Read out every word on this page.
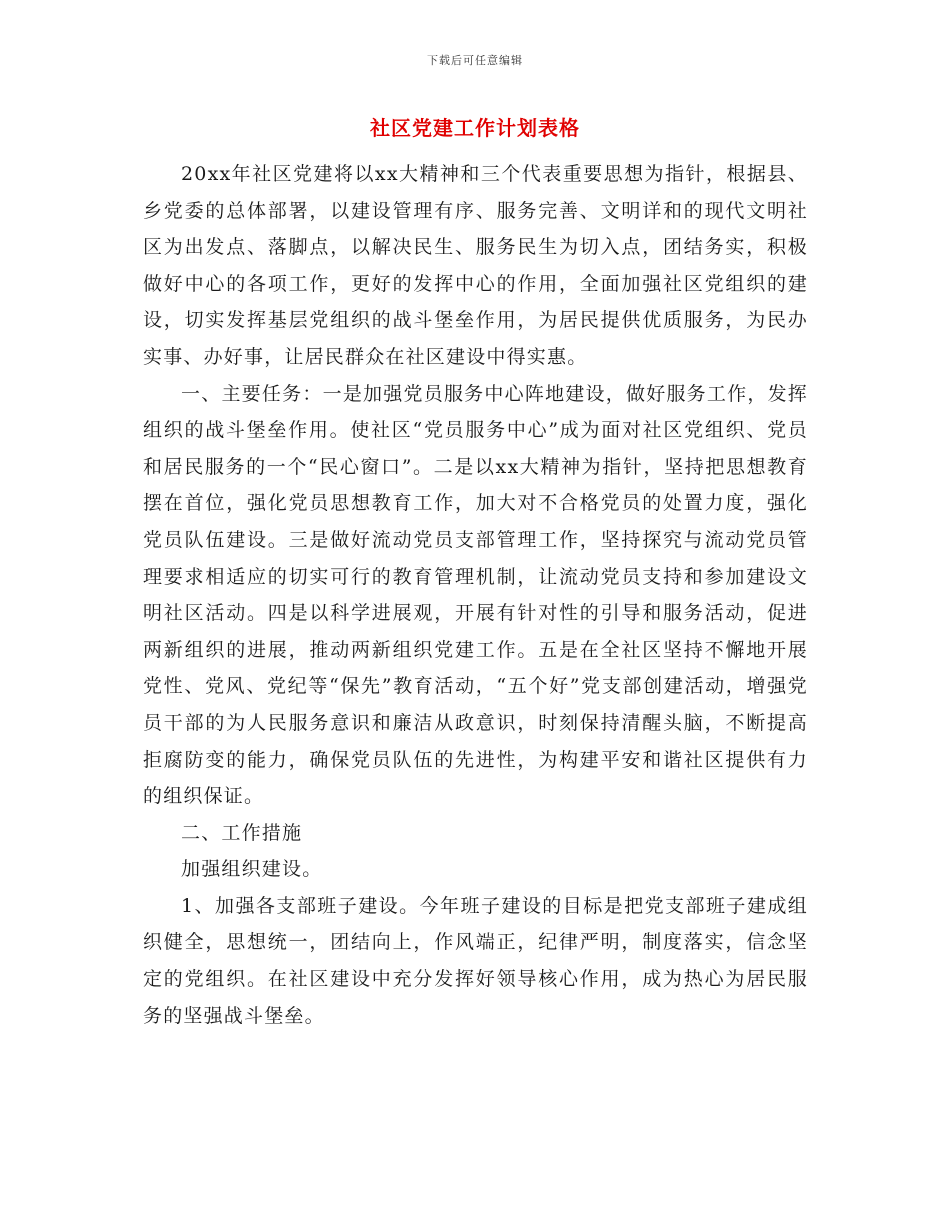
下载后可任意编辑
社区党建工作计划表格

20xx年社区党建将以xx大精神和三个代表重要思想为指针，根据县、乡党委的总体部署，以建设管理有序、服务完善、文明详和的现代文明社区为出发点、落脚点，以解决民生、服务民生为切入点，团结务实，积极做好中心的各项工作，更好的发挥中心的作用，全面加强社区党组织的建设，切实发挥基层党组织的战斗堡垒作用，为居民提供优质服务，为民办实事、办好事，让居民群众在社区建设中得实惠。

一、主要任务：一是加强党员服务中心阵地建设，做好服务工作，发挥组织的战斗堡垒作用。使社区“党员服务中心”成为面对社区党组织、党员和居民服务的一个“民心窗口”。二是以xx大精神为指针，坚持把思想教育摆在首位，强化党员思想教育工作，加大对不合格党员的处置力度，强化党员队伍建设。三是做好流动党员支部管理工作，坚持探究与流动党员管理要求相适应的切实可行的教育管理机制，让流动党员支持和参加建设文明社区活动。四是以科学进展观，开展有针对性的引导和服务活动，促进两新组织的进展，推动两新组织党建工作。五是在全社区坚持不懈地开展党性、党风、党纪等“保先”教育活动，“五个好”党支部创建活动，增强党员干部的为人民服务意识和廉洁从政意识，时刻保持清醒头脑，不断提高拒腐防变的能力，确保党员队伍的先进性，为构建平安和谐社区提供有力的组织保证。

二、工作措施

加强组织建设。

1、加强各支部班子建设。今年班子建设的目标是把党支部班子建成组织健全，思想统一，团结向上，作风端正，纪律严明，制度落实，信念坚定的党组织。在社区建设中充分发挥好领导核心作用，成为热心为居民服务的坚强战斗堡垒。
